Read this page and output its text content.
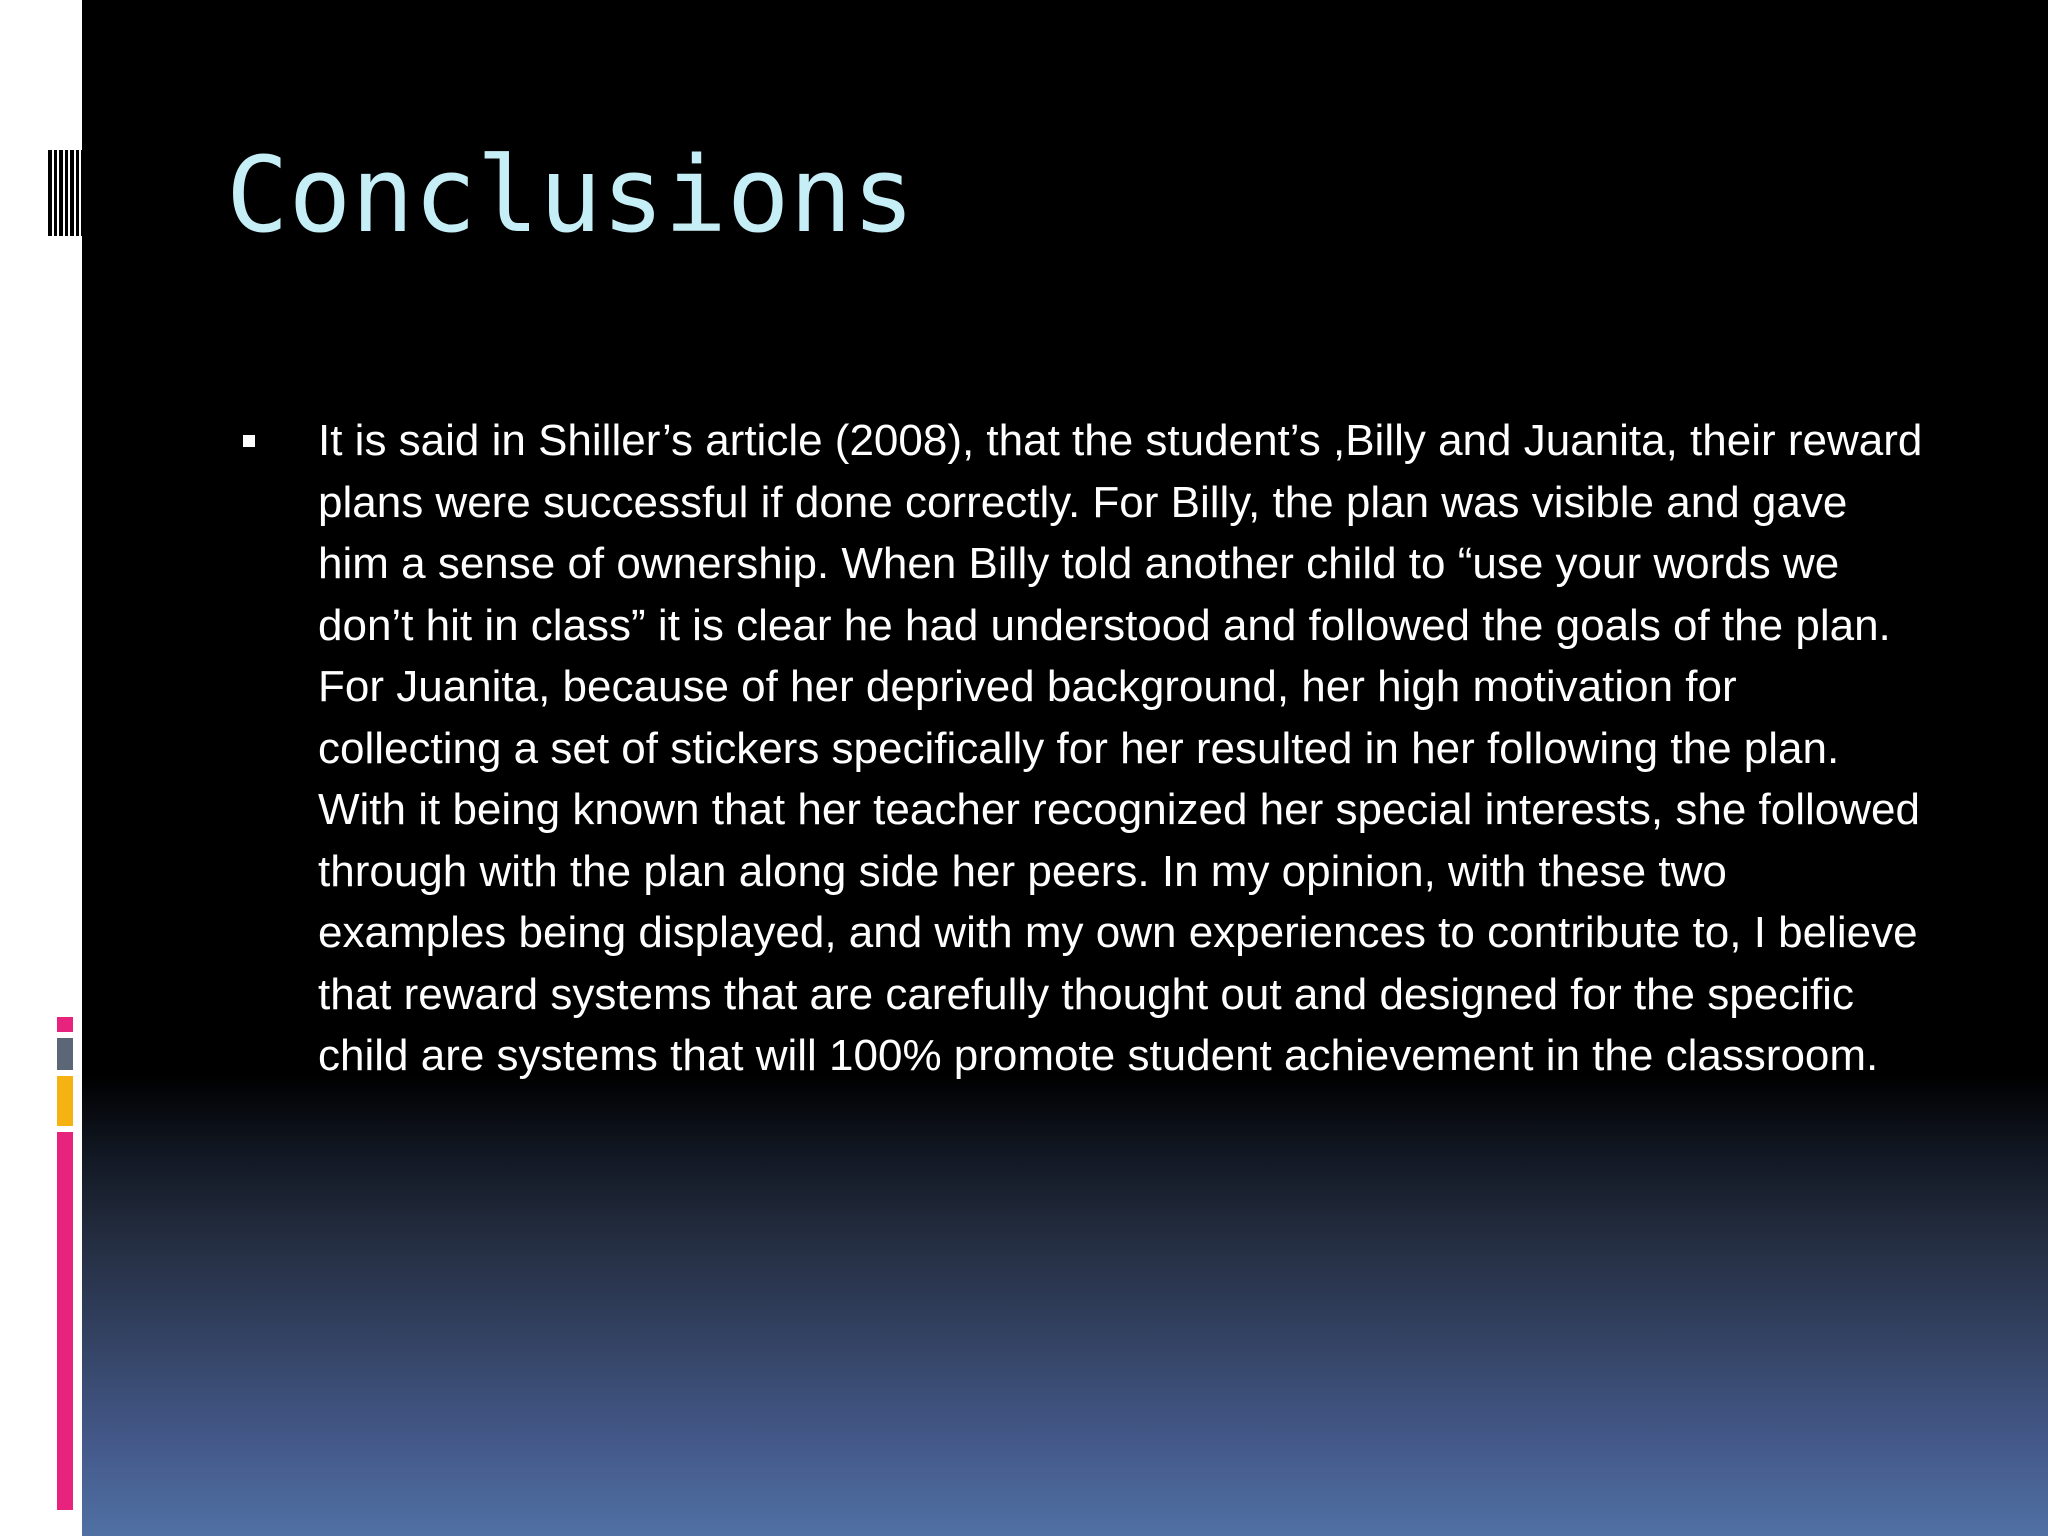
Conclusions

It is said in Shiller’s article (2008), that the student’s ,Billy and Juanita, their reward plans were successful if done correctly. For Billy, the plan was visible and gave him a sense of ownership. When Billy told another child to “use your words we don’t hit in class” it is clear he had understood and followed the goals of the plan. For Juanita, because of her deprived background, her high motivation for collecting a set of stickers specifically for her resulted in her following the plan. With it being known that her teacher recognized her special interests, she followed through with the plan along side her peers. In my opinion, with these two examples being displayed, and with my own experiences to contribute to, I believe that reward systems that are carefully thought out and designed for the specific child are systems that will 100% promote student achievement in the classroom.
